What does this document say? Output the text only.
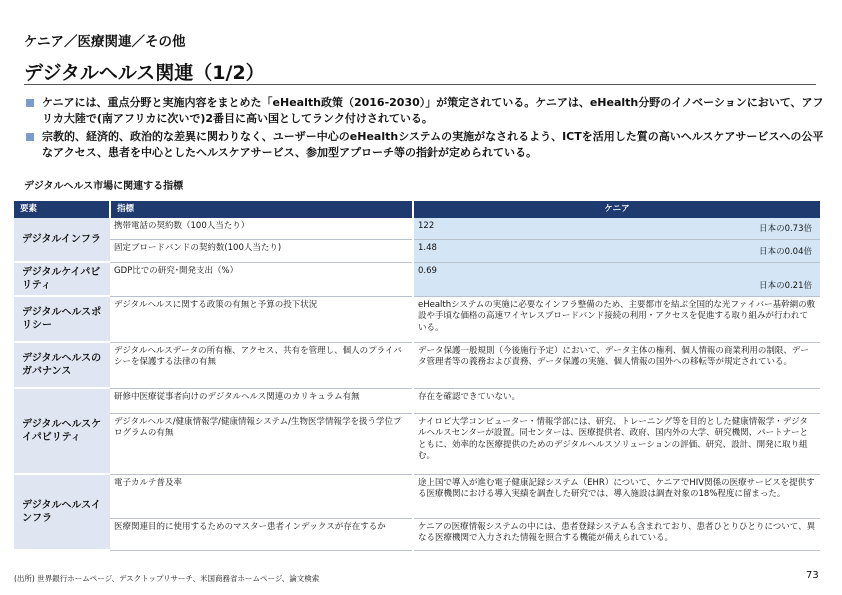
ケニア／医療関連／その他
デジタルヘルス関連（1/2）
ケニアには、重点分野と実施内容をまとめた「eHealth政策（2016-2030）」が策定されている。ケニアは、eHealth分野のイノベーションにおいて、アフリカ大陸で(南アフリカに次いで)2番目に高い国としてランク付けされている。
宗教的、経済的、政治的な差異に関わりなく、ユーザー中心のeHealthシステムの実施がなされるよう、ICTを活用した質の高いヘルスケアサービスへの公平なアクセス、患者を中心としたヘルスケアサービス、参加型アプローチ等の指針が定められている。
デジタルヘルス市場に関連する指標
要素	指標	ケニア
デジタルインフラ	携帯電話の契約数（100人当たり）	122 日本の0.73倍

	固定ブロードバンドの契約数(100人当たり)	1.48 日本の0.04倍

デジタルケイパビリティ	GDP比での研究･開発支出（%）	0.69
日本の0.21倍

デジタルヘルスポリシー	デジタルヘルスに関する政策の有無と予算の投下状況	eHealthシステムの実施に必要なインフラ整備のため、主要都市を結ぶ全国的な光ファイバー基幹網の敷設や手頃な価格の高速ワイヤレスブロードバンド接続の利用・アクセスを促進する取り組みが行われている。
デジタルヘルスのガバナンス	デジタルヘルスデータの所有権、アクセス、共有を管理し、個人のプライバシーを保護する法律の有無	データ保護一般規則（今後施行予定）において、データ主体の権利、個人情報の商業利用の制限、データ管理者等の義務および責務、データ保護の実施、個人情報の国外への移転等が規定されている。
デジタルヘルスケイパビリティ	研修中医療従事者向けのデジタルヘルス関連のカリキュラム有無	存在を確認できていない。
	デジタルヘルス/健康情報学/健康情報システム/生物医学情報学を扱う学位プログラムの有無	ナイロビ大学コンピューター・情報学部には、研究、トレーニング等を目的とした健康情報学・デジタルヘルスセンターが設置。同センターは、医療提供者、政府、国内外の大学、研究機関、パートナーとともに、効率的な医療提供のためのデジタルヘルスソリューションの評価、研究、設計、開発に取り組む。
デジタルヘルスインフラ	電子カルテ普及率	途上国で導入が進む電子健康記録システム（EHR）について、ケニアでHIV関係の医療サービスを提供する医療機関における導入実績を調査した研究では、導入施設は調査対象の18%程度に留まった。
	医療関連目的に使用するためのマスター患者インデックスが存在するか	ケニアの医療情報システムの中には、患者登録システムも含まれており、患者ひとりひとりについて、異なる医療機関で入力された情報を照合する機能が備えられている。
(出所) 世界銀行ホームページ、デスクトップリサーチ、米国商務省ホームページ、論文検索	73
